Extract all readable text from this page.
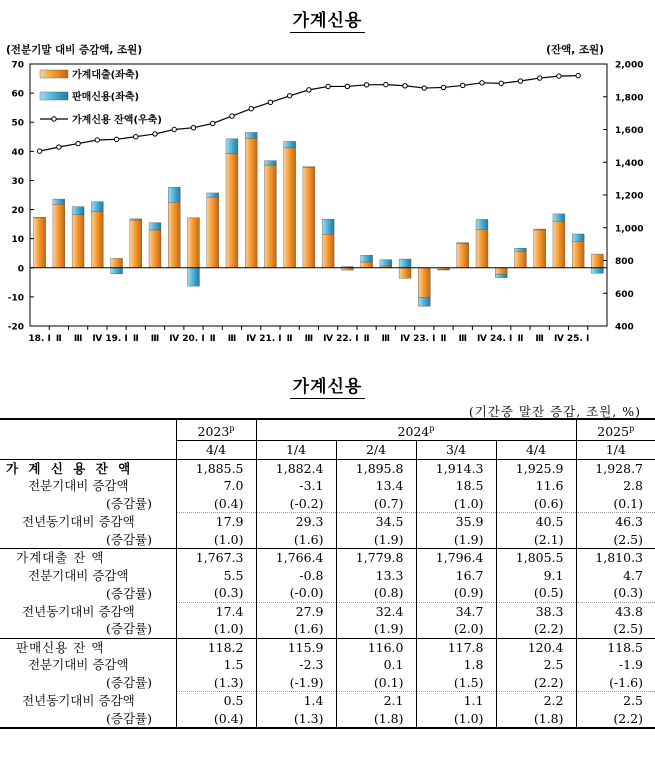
가계신용
(전분기말 대비 증감액, 조원)	(잔액, 조원)
-20
-10
0
10
20
30
40
50
60
70
400
600
800
1,000
1,200
1,400
1,600
1,800
2,000
18. Ⅰ Ⅱ Ⅲ Ⅳ 19. Ⅰ Ⅱ Ⅲ Ⅳ 20. Ⅰ Ⅱ Ⅲ Ⅳ 21. Ⅰ Ⅱ Ⅲ Ⅳ 22. Ⅰ Ⅱ Ⅲ Ⅳ 23. Ⅰ Ⅱ Ⅲ Ⅳ 24. Ⅰ Ⅱ Ⅲ Ⅳ 25. Ⅰ
가계대출(좌축)
판매신용(좌축)
가계신용 잔액(우축)
가계신용
(기간중 말잔 증감, 조원, %)
	2023$^p$	2024$^p$				2025$^p$
	4/4	1/4	2/4	3/4	4/4	1/4
가 계 신 용 잔 액	1,885.5	1,882.4	1,895.8	1,914.3	1,925.9	1,928.7
전분기대비 증감액	7.0	-3.1	13.4	18.5	11.6	2.8
(증감률)	(0.4)	(-0.2)	(0.7)	(1.0)	(0.6)	(0.1)
전년동기대비 증감액	17.9	29.3	34.5	35.9	40.5	46.3
(증감률)	(1.0)	(1.6)	(1.9)	(1.9)	(2.1)	(2.5)
가계대출 잔 액	1,767.3	1,766.4	1,779.8	1,796.4	1,805.5	1,810.3
전분기대비 증감액	5.5	-0.8	13.3	16.7	9.1	4.7
(증감률)	(0.3)	(-0.0)	(0.8)	(0.9)	(0.5)	(0.3)
전년동기대비 증감액	17.4	27.9	32.4	34.7	38.3	43.8
(증감률)	(1.0)	(1.6)	(1.9)	(2.0)	(2.2)	(2.5)
판매신용 잔 액	118.2	115.9	116.0	117.8	120.4	118.5
전분기대비 증감액	1.5	-2.3	0.1	1.8	2.5	-1.9
(증감률)	(1.3)	(-1.9)	(0.1)	(1.5)	(2.2)	(-1.6)
전년동기대비 증감액	0.5	1.4	2.1	1.1	2.2	2.5
(증감률)	(0.4)	(1.3)	(1.8)	(1.0)	(1.8)	(2.2)
